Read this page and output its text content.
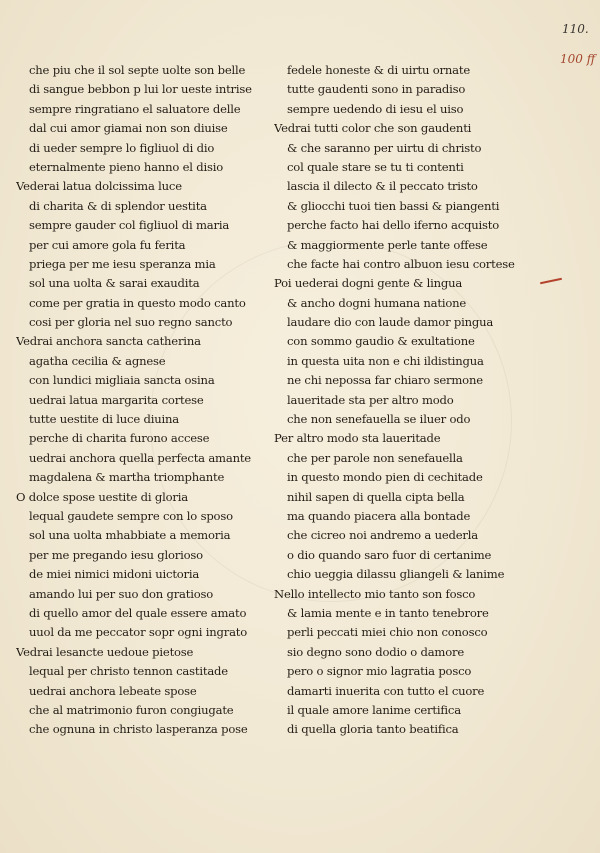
110.
100 ff
che piu che il sol septe uolte son belle
di sangue bebbon p lui lor ueste intrise
sempre ringratiano el saluatore delle
dal cui amor giamai non son diuise
di ueder sempre lo figliuol di dio
eternalmente pieno hanno el disio
Vederai latua dolcissima luce
di charita & di splendor uestita
sempre gauder col figliuol di maria
per cui amore gola fu ferita
priega per me iesu speranza mia
sol una uolta & sarai exaudita
come per gratia in questo modo canto
cosi per gloria nel suo regno sancto
Vedrai anchora sancta catherina
agatha cecilia & agnese
con lundici migliaia sancta osina
uedrai latua margarita cortese
tutte uestite di luce diuina
perche di charita furono accese
uedrai anchora quella perfecta amante
magdalena & martha triomphante
O dolce spose uestite di gloria
lequal gaudete sempre con lo sposo
sol una uolta mhabbiate a memoria
per me pregando iesu glorioso
de miei nimici midoni uictoria
amando lui per suo don gratioso
di quello amor del quale essere amato
uuol da me peccator sopr ogni ingrato
Vedrai lesancte uedoue pietose
lequal per christo tennon castitade
uedrai anchora lebeate spose
che al matrimonio furon congiugate
che ognuna in christo lasperanza pose
fedele honeste & di uirtu ornate
tutte gaudenti sono in paradiso
sempre uedendo di iesu el uiso
Vedrai tutti color che son gaudenti
& che saranno per uirtu di christo
col quale stare se tu ti contenti
lascia il dilecto & il peccato tristo
& gliocchi tuoi tien bassi & piangenti
perche facto hai dello iferno acquisto
& maggiormente perle tante offese
che facte hai contro albuon iesu cortese
Poi uederai dogni gente & lingua
& ancho dogni humana natione
laudare dio con laude damor pingua
con sommo gaudio & exultatione
in questa uita non e chi ildistingua
ne chi nepossa far chiaro sermone
laueritade sta per altro modo
che non senefauella se iluer odo
Per altro modo sta laueritade
che per parole non senefauella
in questo mondo pien di cechitade
nihil sapen di quella cipta bella
ma quando piacera alla bontade
che cicreo noi andremo a uederla
o dio quando saro fuor di certanime
chio ueggia dilassu gliangeli & lanime
Nello intellecto mio tanto son fosco
& lamia mente e in tanto tenebrore
perli peccati miei chio non conosco
sio degno sono dodio o damore
pero o signor mio lagratia posco
damarti inuerita con tutto el cuore
il quale amore lanime certifica
di quella gloria tanto beatifica
